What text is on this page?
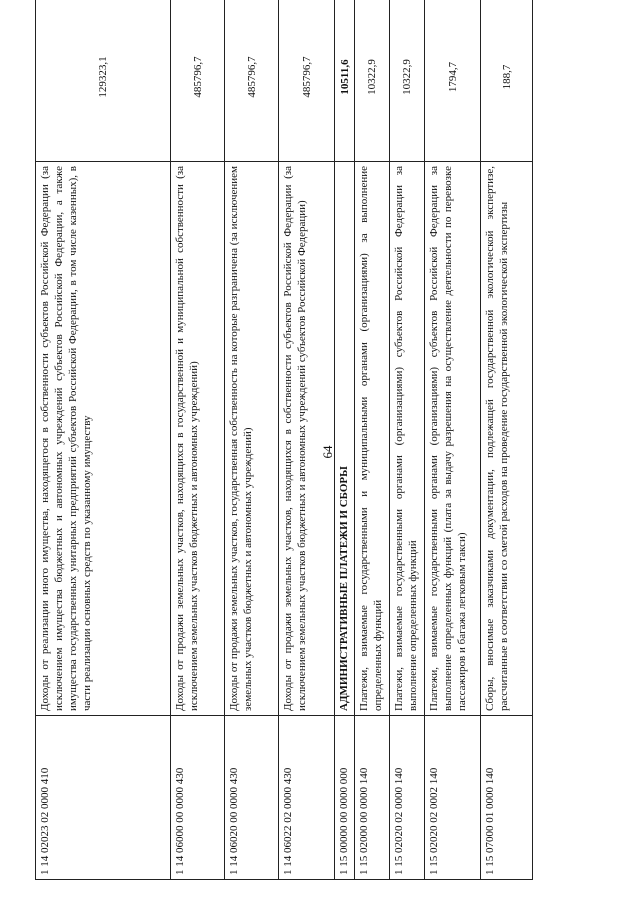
64
1 14 02023 02 0000 410	Доходы от реализации иного имущества, находящегося в собственности субъектов Российской Федерации (за исключением имущества бюджетных и автономных учреждений субъектов Российской Федерации, а также имущества государственных унитарных предприятий субъектов Российской Федерации, в том числе казенных), в части реализации основных средств по указанному имуществу	129323,1
1 14 06000 00 0000 430	Доходы от продажи земельных участков, находящихся в государственной и муниципальной собственности (за исключением земельных участков бюджетных и автономных учреждений)	485796,7
1 14 06020 00 0000 430	Доходы от продажи земельных участков, государственная собственность на которые разграничена (за исключением земельных участков бюджетных и автономных учреждений)	485796,7
1 14 06022 02 0000 430	Доходы от продажи земельных участков, находящихся в собственности субъектов Российской Федерации (за исключением земельных участков бюджетных и автономных учреждений субъектов Российской Федерации)	485796,7
1 15 00000 00 0000 000	АДМИНИСТРАТИВНЫЕ ПЛАТЕЖИ И СБОРЫ	10511,6
1 15 02000 00 0000 140	Платежи, взимаемые государственными и муниципальными органами (организациями) за выполнение определенных функций	10322,9
1 15 02020 02 0000 140	Платежи, взимаемые государственными органами (организациями) субъектов Российской Федерации за выполнение определенных функций	10322,9
1 15 02020 02 0002 140	Платежи, взимаемые государственными органами (организациями) субъектов Российской Федерации за выполнение определенных функций (плата за выдачу разрешения на осуществление деятельности по перевозке пассажиров и багажа легковым такси)	1794,7
1 15 07000 01 0000 140	Сборы, вносимые заказчиками документации, подлежащей государственной экологической экспертизе, рассчитанные в соответствии со сметой расходов на проведение государственной экологической экспертизы	188,7
